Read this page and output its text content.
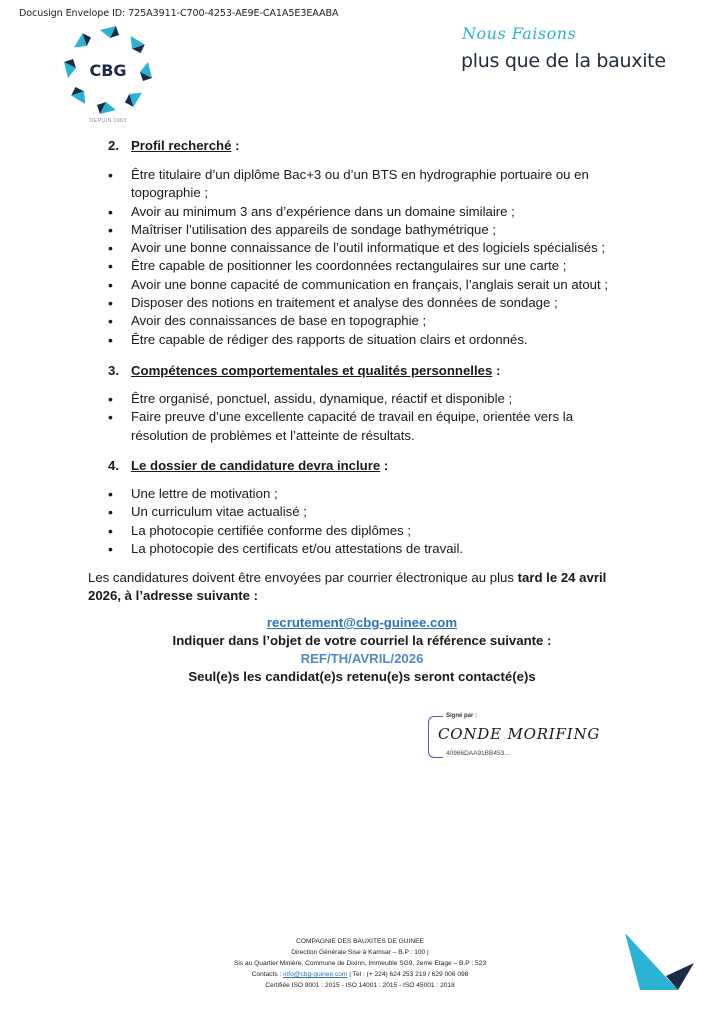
Docusign Envelope ID: 725A3911-C700-4253-AE9E-CA1A5E3EAABA
CBG
DEPUIS 1963
Nous Faisons
plus que de la bauxite
2. Profil recherché :
• Être titulaire d’un diplôme Bac+3 ou d’un BTS en hydrographie portuaire ou en topographie ;
• Avoir au minimum 3 ans d’expérience dans un domaine similaire ;
• Maîtriser l’utilisation des appareils de sondage bathymétrique ;
• Avoir une bonne connaissance de l’outil informatique et des logiciels spécialisés ;
• Être capable de positionner les coordonnées rectangulaires sur une carte ;
• Avoir une bonne capacité de communication en français, l’anglais serait un atout ;
• Disposer des notions en traitement et analyse des données de sondage ;
• Avoir des connaissances de base en topographie ;
• Être capable de rédiger des rapports de situation clairs et ordonnés.
3. Compétences comportementales et qualités personnelles :
• Être organisé, ponctuel, assidu, dynamique, réactif et disponible ;
• Faire preuve d’une excellente capacité de travail en équipe, orientée vers la résolution de problèmes et l’atteinte de résultats.
4. Le dossier de candidature devra inclure :
• Une lettre de motivation ;
• Un curriculum vitae actualisé ;
• La photocopie certifiée conforme des diplômes ;
• La photocopie des certificats et/ou attestations de travail.
Les candidatures doivent être envoyées par courrier électronique au plus tard le 24 avril 2026, à l’adresse suivante :
recrutement@cbg-guinee.com
Indiquer dans l’objet de votre courriel la référence suivante :
REF/TH/AVRIL/2026
Seul(e)s les candidat(e)s retenu(e)s seront contacté(e)s
Signé par :
CONDE MORIFING
40966DAA91BB453...
COMPAGNIE DES BAUXITES DE GUINEE
Direction Générale Sise à Kamsar – B.P : 100 |
Sis au Quartier Minière, Commune de Dixinn, Immeuble SG9, 2eme Etage – B.P : 523
Contacts : info@cbg-guinee.com | Tel : (+ 224) 624 253 219 / 629 006 098
Certifiée ISO 9001 : 2015 - ISO 14001 : 2015 - ISO 45001 : 2018
